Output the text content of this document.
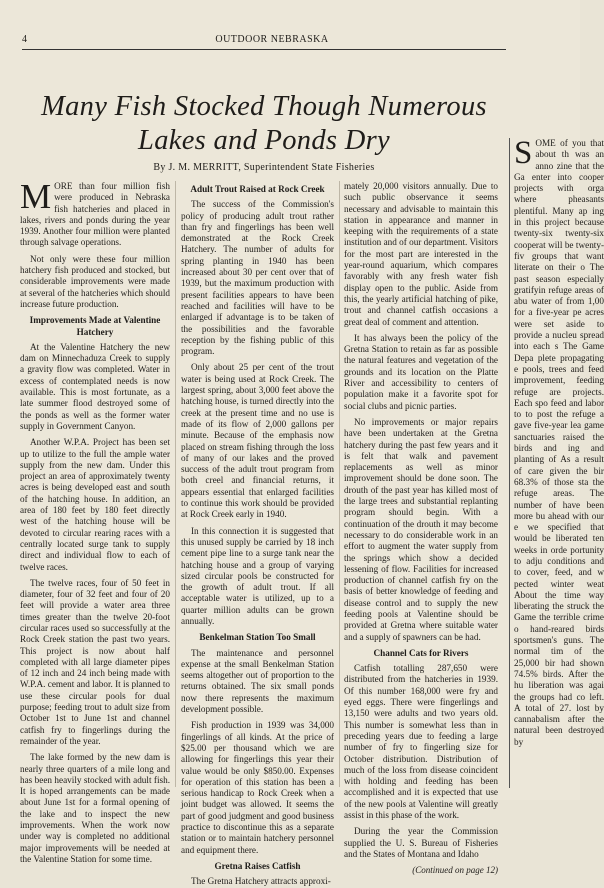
4	OUTDOOR NEBRASKA
Many Fish Stocked Though Numerous
Lakes and Ponds Dry
By J. M. MERRITT, Superintendent State Fisheries

MORE than four million fish were produced in Nebraska fish hatcheries and placed in lakes, rivers and ponds during the year 1939. Another four million were planted through salvage operations.

Not only were these four million hatchery fish produced and stocked, but considerable improvements were made at several of the hatcheries which should increase future production.

Improvements Made at Valentine Hatchery

At the Valentine Hatchery the new dam on Minnechaduza Creek to supply a gravity flow was completed. Water in excess of contemplated needs is now available. This is most fortunate, as a late summer flood destroyed some of the ponds as well as the former water supply in Government Canyon.

Another W.P.A. Project has been set up to utilize to the full the ample water supply from the new dam. Under this project an area of approximately twenty acres is being developed east and south of the hatching house. In addition, an area of 180 feet by 180 feet directly west of the hatching house will be devoted to circular rearing races with a centrally located surge tank to supply direct and individual flow to each of twelve races.

The twelve races, four of 50 feet in diameter, four of 32 feet and four of 20 feet will provide a water area three times greater than the twelve 20-foot circular races used so successfully at the Rock Creek station the past two years. This project is now about half completed with all large diameter pipes of 12 inch and 24 inch being made with W.P.A. cement and labor. It is planned to use these circular pools for dual purpose; feeding trout to adult size from October 1st to June 1st and channel catfish fry to fingerlings during the remainder of the year.

The lake formed by the new dam is nearly three quarters of a mile long and has been heavily stocked with adult fish. It is hoped arrangements can be made about June 1st for a formal opening of the lake and to inspect the new improvements. When the work now under way is completed no additional major improvements will be needed at the Valentine Station for some time.

Adult Trout Raised at Rock Creek

The success of the Commission's policy of producing adult trout rather than fry and fingerlings has been well demonstrated at the Rock Creek Hatchery. The number of adults for spring planting in 1940 has been increased about 30 per cent over that of 1939, but the maximum production with present facilities appears to have been reached and facilities will have to be enlarged if advantage is to be taken of the possibilities and the favorable reception by the fishing public of this program.

Only about 25 per cent of the trout water is being used at Rock Creek. The largest spring, about 3,000 feet above the hatching house, is turned directly into the creek at the present time and no use is made of its flow of 2,000 gallons per minute. Because of the emphasis now placed on stream fishing through the loss of many of our lakes and the proved success of the adult trout program from both creel and financial returns, it appears essential that enlarged facilities to continue this work should be provided at Rock Creek early in 1940.

In this connection it is suggested that this unused supply be carried by 18 inch cement pipe line to a surge tank near the hatching house and a group of varying sized circular pools be constructed for the growth of adult trout. If all acceptable water is utilized, up to a quarter million adults can be grown annually.

Benkelman Station Too Small

The maintenance and personnel expense at the small Benkelman Station seems altogether out of proportion to the returns obtained. The six small ponds now there represents the maximum development possible.

Fish production in 1939 was 34,000 fingerlings of all kinds. At the price of $25.00 per thousand which we are allowing for fingerlings this year their value would be only $850.00. Expenses for operation of this station has been a serious handicap to Rock Creek when a joint budget was allowed. It seems the part of good judgment and good business practice to discontinue this as a separate station or to maintain hatchery personnel and equipment there.

Gretna Raises Catfish

The Gretna Hatchery attracts approxi-

mately 20,000 visitors annually. Due to such public observance it seems necessary and advisable to maintain this station in appearance and manner in keeping with the requirements of a state institution and of our department. Visitors for the most part are interested in the year-round aquarium, which compares favorably with any fresh water fish display open to the public. Aside from this, the yearly artificial hatching of pike, trout and channel catfish occasions a great deal of comment and attention.

It has always been the policy of the Gretna Station to retain as far as possible the natural features and vegetation of the grounds and its location on the Platte River and accessibility to centers of population make it a favorite spot for social clubs and picnic parties.

No improvements or major repairs have been undertaken at the Gretna hatchery during the past few years and it is felt that walk and pavement replacements as well as minor improvement should be done soon. The drouth of the past year has killed most of the large trees and substantial replanting program should begin. With a continuation of the drouth it may become necessary to do considerable work in an effort to augment the water supply from the springs which show a decided lessening of flow. Facilities for increased production of channel catfish fry on the basis of better knowledge of feeding and disease control and to supply the new feeding pools at Valentine should be provided at Gretna where suitable water and a supply of spawners can be had.

Channel Cats for Rivers

Catfish totalling 287,650 were distributed from the hatcheries in 1939. Of this number 168,000 were fry and eyed eggs. There were fingerlings and 13,150 were adults and two years old. This number is somewhat less than in preceding years due to feeding a large number of fry to fingerling size for October distribution. Distribution of much of the loss from disease coincident with holding and feeding has been accomplished and it is expected that use of the new pools at Valentine will greatly assist in this phase of the work.

During the year the Commission supplied the U. S. Bureau of Fisheries and the States of Montana and Idaho

(Continued on page 12)

SOME of you that about th was an anno zine that the Ga enter into cooper projects with orga where pheasants plentiful. Many ap ing in this project because twenty-six twenty-six cooperat will be twenty-fiv groups that want literate on their o The past season especially gratifyin refuge areas of abu water of from 1,00 for a five-year pe acres were set aside to provide a nucleu spread into each s The Game Depa plete propagating e pools, trees and feed improvement, feeding refuge are projects. Each spo feed and labor to to post the refuge a gave five-year lea game sanctuaries raised the birds and ing and planting of As a result of care given the bir 68.3% of those sta the refuge areas. The number of have been more bu ahead with our e we specified that would be liberated ten weeks in orde portunity to adju conditions and to cover, feed, and w pected winter weat About the time way liberating the struck the Game the terrible crime o hand-reared birds sportsmen's guns. The normal tim of the 25,000 bir had shown 74.5% birds. After the hu liberation was agai the groups had co left. A total of 27. lost by cannabalism after the natural been destroyed by
